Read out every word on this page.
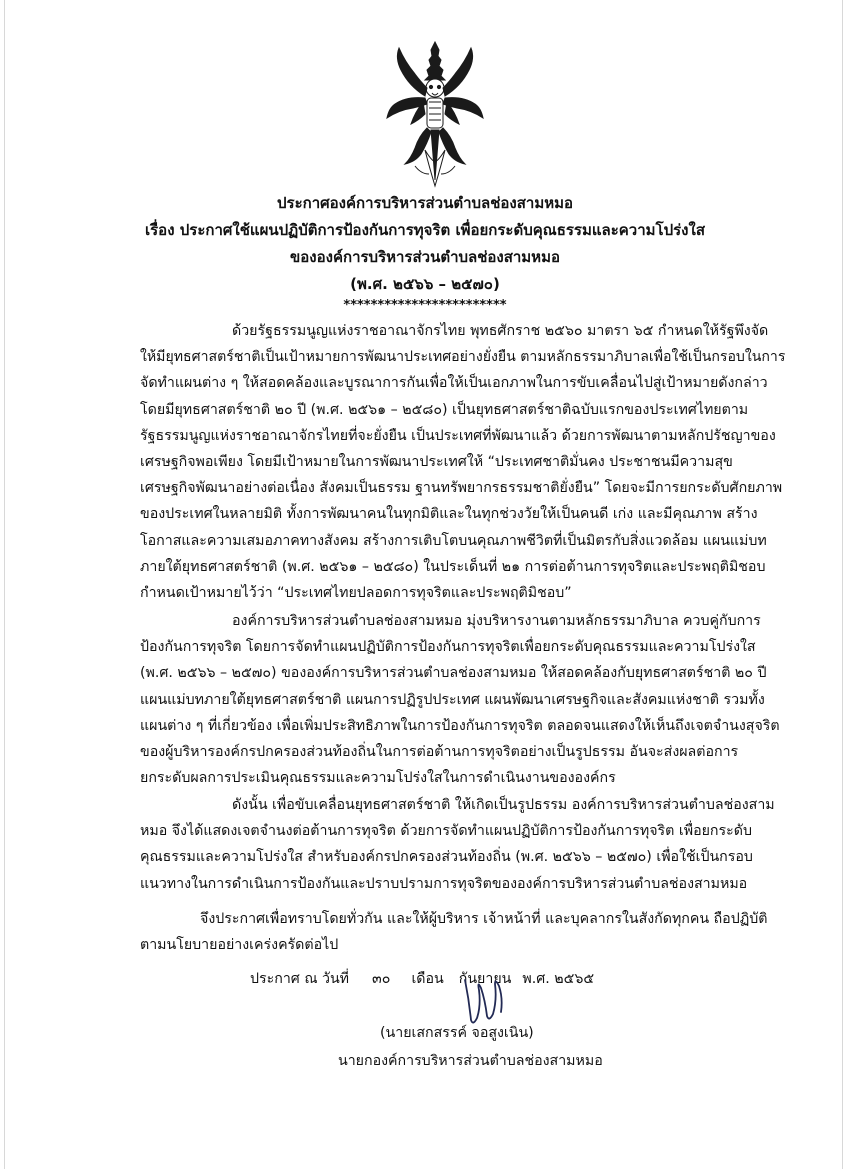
ประกาศองค์การบริหารส่วนตำบลช่องสามหมอ
เรื่อง ประกาศใช้แผนปฏิบัติการป้องกันการทุจริต เพื่อยกระดับคุณธรรมและความโปร่งใส
ขององค์การบริหารส่วนตำบลช่องสามหมอ
(พ.ศ. ๒๕๖๖ – ๒๕๗๐)
************************
ด้วยรัฐธรรมนูญแห่งราชอาณาจักรไทย พุทธศักราช ๒๕๖๐ มาตรา ๖๕ กำหนดให้รัฐพึงจัด
ให้มียุทธศาสตร์ชาติเป็นเป้าหมายการพัฒนาประเทศอย่างยั่งยืน ตามหลักธรรมาภิบาลเพื่อใช้เป็นกรอบในการ
จัดทำแผนต่าง ๆ ให้สอดคล้องและบูรณาการกันเพื่อให้เป็นเอกภาพในการขับเคลื่อนไปสู่เป้าหมายดังกล่าว
โดยมียุทธศาสตร์ชาติ ๒๐ ปี (พ.ศ. ๒๕๖๑ – ๒๕๘๐) เป็นยุทธศาสตร์ชาติฉบับแรกของประเทศไทยตาม
รัฐธรรมนูญแห่งราชอาณาจักรไทยที่จะยั่งยืน เป็นประเทศที่พัฒนาแล้ว ด้วยการพัฒนาตามหลักปรัชญาของ
เศรษฐกิจพอเพียง โดยมีเป้าหมายในการพัฒนาประเทศให้ “ประเทศชาติมั่นคง ประชาชนมีความสุข
เศรษฐกิจพัฒนาอย่างต่อเนื่อง สังคมเป็นธรรม ฐานทรัพยากรธรรมชาติยั่งยืน” โดยจะมีการยกระดับศักยภาพ
ของประเทศในหลายมิติ ทั้งการพัฒนาคนในทุกมิติและในทุกช่วงวัยให้เป็นคนดี เก่ง และมีคุณภาพ สร้าง
โอกาสและความเสมอภาคทางสังคม สร้างการเติบโตบนคุณภาพชีวิตที่เป็นมิตรกับสิ่งแวดล้อม แผนแม่บท
ภายใต้ยุทธศาสตร์ชาติ (พ.ศ. ๒๕๖๑ – ๒๕๘๐) ในประเด็นที่ ๒๑ การต่อต้านการทุจริตและประพฤติมิชอบ
กำหนดเป้าหมายไว้ว่า “ประเทศไทยปลอดการทุจริตและประพฤติมิชอบ”
องค์การบริหารส่วนตำบลช่องสามหมอ มุ่งบริหารงานตามหลักธรรมาภิบาล ควบคู่กับการ
ป้องกันการทุจริต โดยการจัดทำแผนปฏิบัติการป้องกันการทุจริตเพื่อยกระดับคุณธรรมและความโปร่งใส
(พ.ศ. ๒๕๖๖ – ๒๕๗๐) ขององค์การบริหารส่วนตำบลช่องสามหมอ ให้สอดคล้องกับยุทธศาสตร์ชาติ ๒๐ ปี
แผนแม่บทภายใต้ยุทธศาสตร์ชาติ แผนการปฏิรูปประเทศ แผนพัฒนาเศรษฐกิจและสังคมแห่งชาติ รวมทั้ง
แผนต่าง ๆ ที่เกี่ยวข้อง เพื่อเพิ่มประสิทธิภาพในการป้องกันการทุจริต ตลอดจนแสดงให้เห็นถึงเจตจำนงสุจริต
ของผู้บริหารองค์กรปกครองส่วนท้องถิ่นในการต่อต้านการทุจริตอย่างเป็นรูปธรรม อันจะส่งผลต่อการ
ยกระดับผลการประเมินคุณธรรมและความโปร่งใสในการดำเนินงานขององค์กร
ดังนั้น เพื่อขับเคลื่อนยุทธศาสตร์ชาติ ให้เกิดเป็นรูปธรรม องค์การบริหารส่วนตำบลช่องสาม
หมอ จึงได้แสดงเจตจำนงต่อต้านการทุจริต ด้วยการจัดทำแผนปฏิบัติการป้องกันการทุจริต เพื่อยกระดับ
คุณธรรมและความโปร่งใส สำหรับองค์กรปกครองส่วนท้องถิ่น (พ.ศ. ๒๕๖๖ – ๒๕๗๐) เพื่อใช้เป็นกรอบ
แนวทางในการดำเนินการป้องกันและปราบปรามการทุจริตขององค์การบริหารส่วนตำบลช่องสามหมอ
จึงประกาศเพื่อทราบโดยทั่วกัน และให้ผู้บริหาร เจ้าหน้าที่ และบุคลากรในสังกัดทุกคน ถือปฏิบัติ
ตามนโยบายอย่างเคร่งครัดต่อไป
ประกาศ ณ วันที่ ๓๐ เดือน กันยายน พ.ศ. ๒๕๖๕
(นายเสกสรรค์ จอสูงเนิน)
นายกองค์การบริหารส่วนตำบลช่องสามหมอ
